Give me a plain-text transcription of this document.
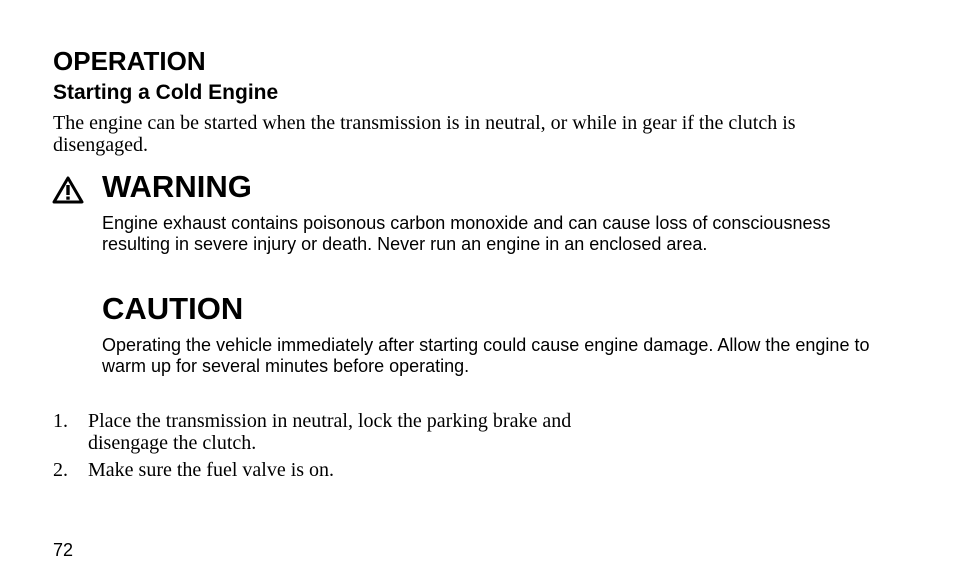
OPERATION
Starting a Cold Engine

The engine can be started when the transmission is in neutral, or while in gear if the clutch is disengaged.

WARNING

Engine exhaust contains poisonous carbon monoxide and can cause loss of consciousness resulting in severe injury or death. Never run an engine in an enclosed area.

CAUTION

Operating the vehicle immediately after starting could cause engine damage. Allow the engine to warm up for several minutes before operating.

1.	Place the transmission in neutral, lock the parking brake and disengage the clutch.
2.	Make sure the fuel valve is on.

72
